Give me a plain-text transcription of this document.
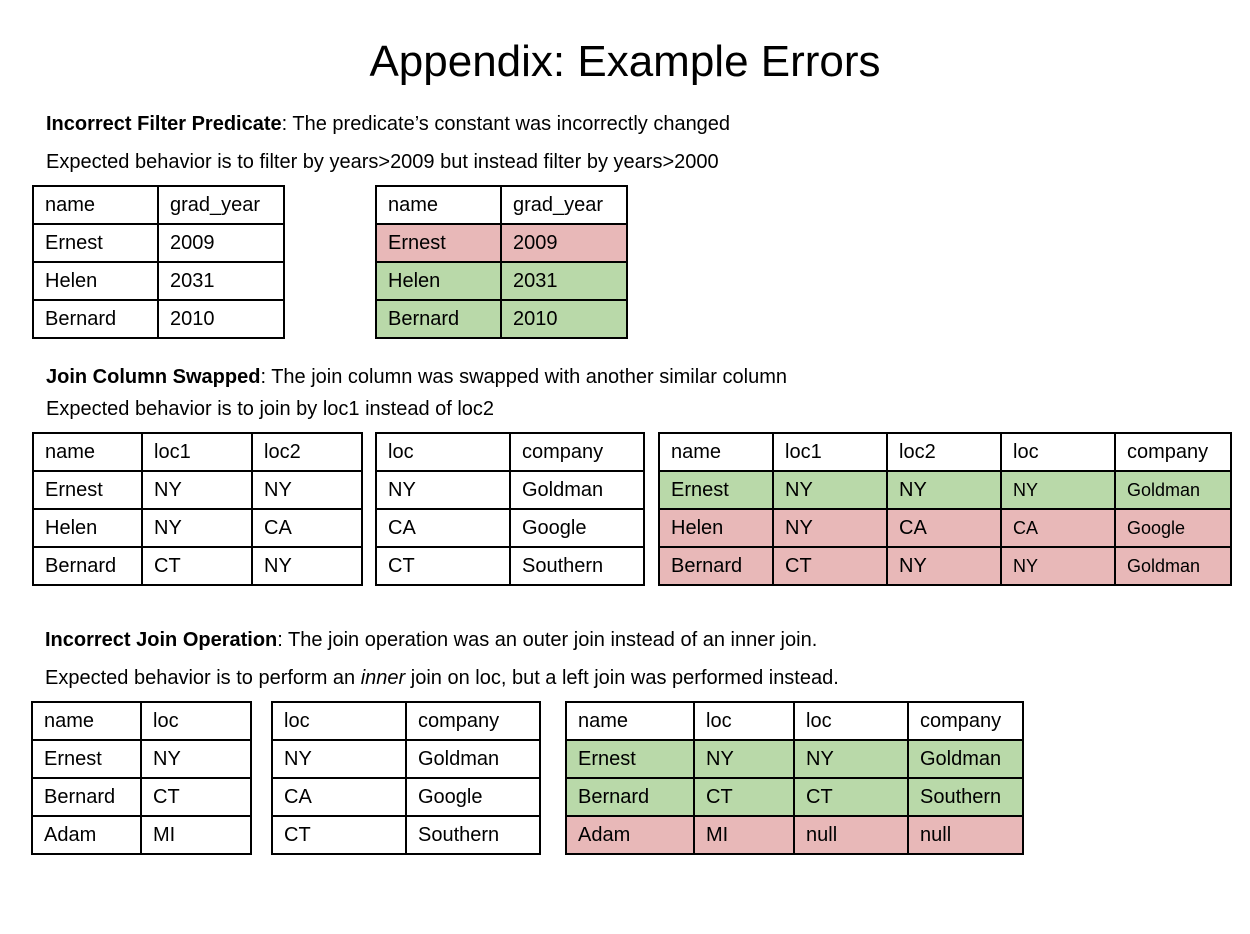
Appendix: Example Errors
Incorrect Filter Predicate: The predicate’s constant was incorrectly changed
Expected behavior is to filter by years>2009 but instead filter by years>2000
name	grad_year
Ernest	2009
Helen	2031
Bernard	2010
name	grad_year
Ernest	2009
Helen	2031
Bernard	2010
Join Column Swapped: The join column was swapped with another similar column
Expected behavior is to join by loc1 instead of loc2
name	loc1	loc2
Ernest	NY	NY
Helen	NY	CA
Bernard	CT	NY
loc	company
NY	Goldman
CA	Google
CT	Southern
name	loc1	loc2	loc	company
Ernest	NY	NY	NY	Goldman
Helen	NY	CA	CA	Google
Bernard	CT	NY	NY	Goldman
Incorrect Join Operation: The join operation was an outer join instead of an inner join.
Expected behavior is to perform an inner join on loc, but a left join was performed instead.
name	loc
Ernest	NY
Bernard	CT
Adam	MI
loc	company
NY	Goldman
CA	Google
CT	Southern
name	loc	loc	company
Ernest	NY	NY	Goldman
Bernard	CT	CT	Southern
Adam	MI	null	null
